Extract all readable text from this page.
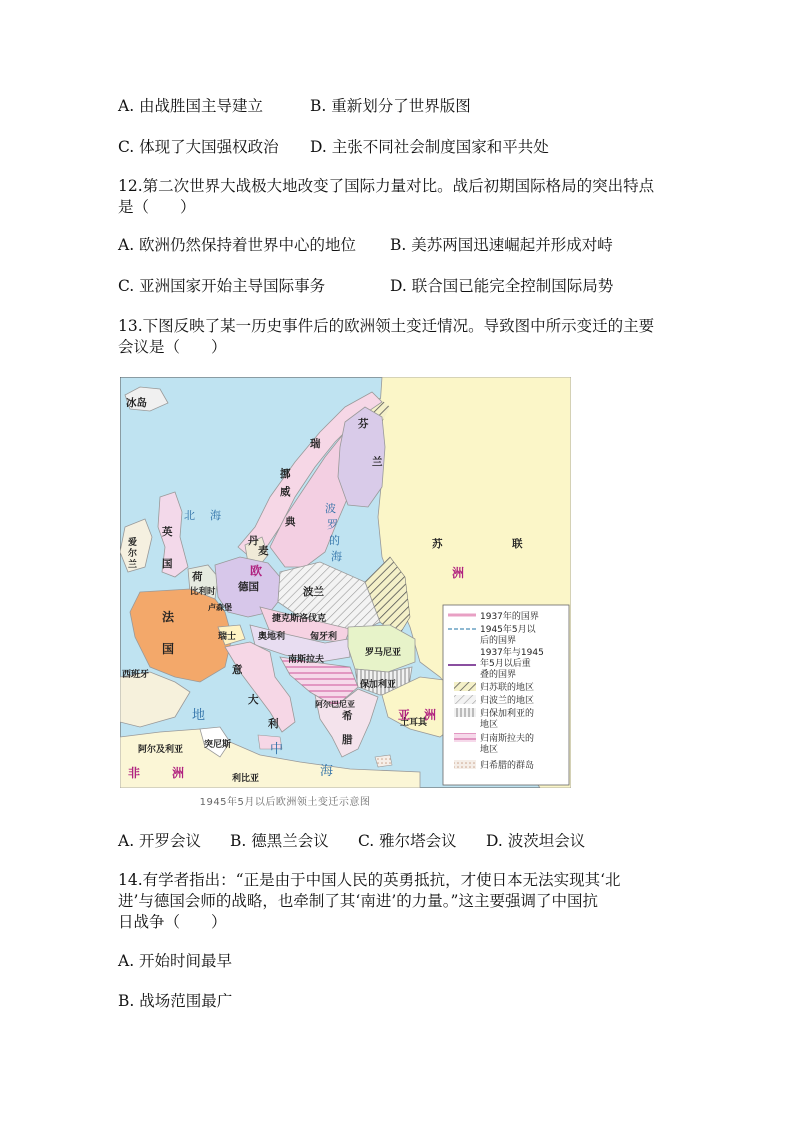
A. 由战胜国主导建立	B. 重新划分了世界版图
C. 体现了大国强权政治 D. 主张不同社会制度国家和平共处
12.第二次世界大战极大地改变了国际力量对比。战后初期国际格局的突出特点
是（　　）
A. 欧洲仍然保持着世界中心的地位 B. 美苏两国迅速崛起并形成对峙
C. 亚洲国家开始主导国际事务	D. 联合国已能完全控制国际局势
13.下图反映了某一历史事件后的欧洲领土变迁情况。导致图中所示变迁的主要
会议是（　　）
冰岛
挪
威
瑞
典
芬
兰
苏	联
英
国
爱
尔
兰
丹
麦
荷
比利时 德国	波兰
卢森堡
捷克斯洛伐克
法
国
瑞士 奥地利	匈牙利
罗马尼亚
南斯拉夫
保加利亚
西班牙	意
大
利
阿尔巴尼亚
希
腊
土耳其
阿尔及利亚 突尼斯
利比亚
北 海
波
罗
的
海
地
中
海
欧	洲
亚 洲
非	洲
1937年的国界
1945年5月以
后的国界
1937年与1945
年5月以后重
叠的国界
归苏联的地区
归波兰的地区
归保加利亚的
地区
归南斯拉夫的
地区
归希腊的群岛
1945年5月以后欧洲领土变迁示意图
A. 开罗会议 B. 德黑兰会议 C. 雅尔塔会议 D. 波茨坦会议
14.有学者指出：“正是由于中国人民的英勇抵抗，才使日本无法实现其‘北
进’与德国会师的战略，也牵制了其‘南进’的力量。”这主要强调了中国抗
日战争（　　）
A. 开始时间最早
B. 战场范围最广
